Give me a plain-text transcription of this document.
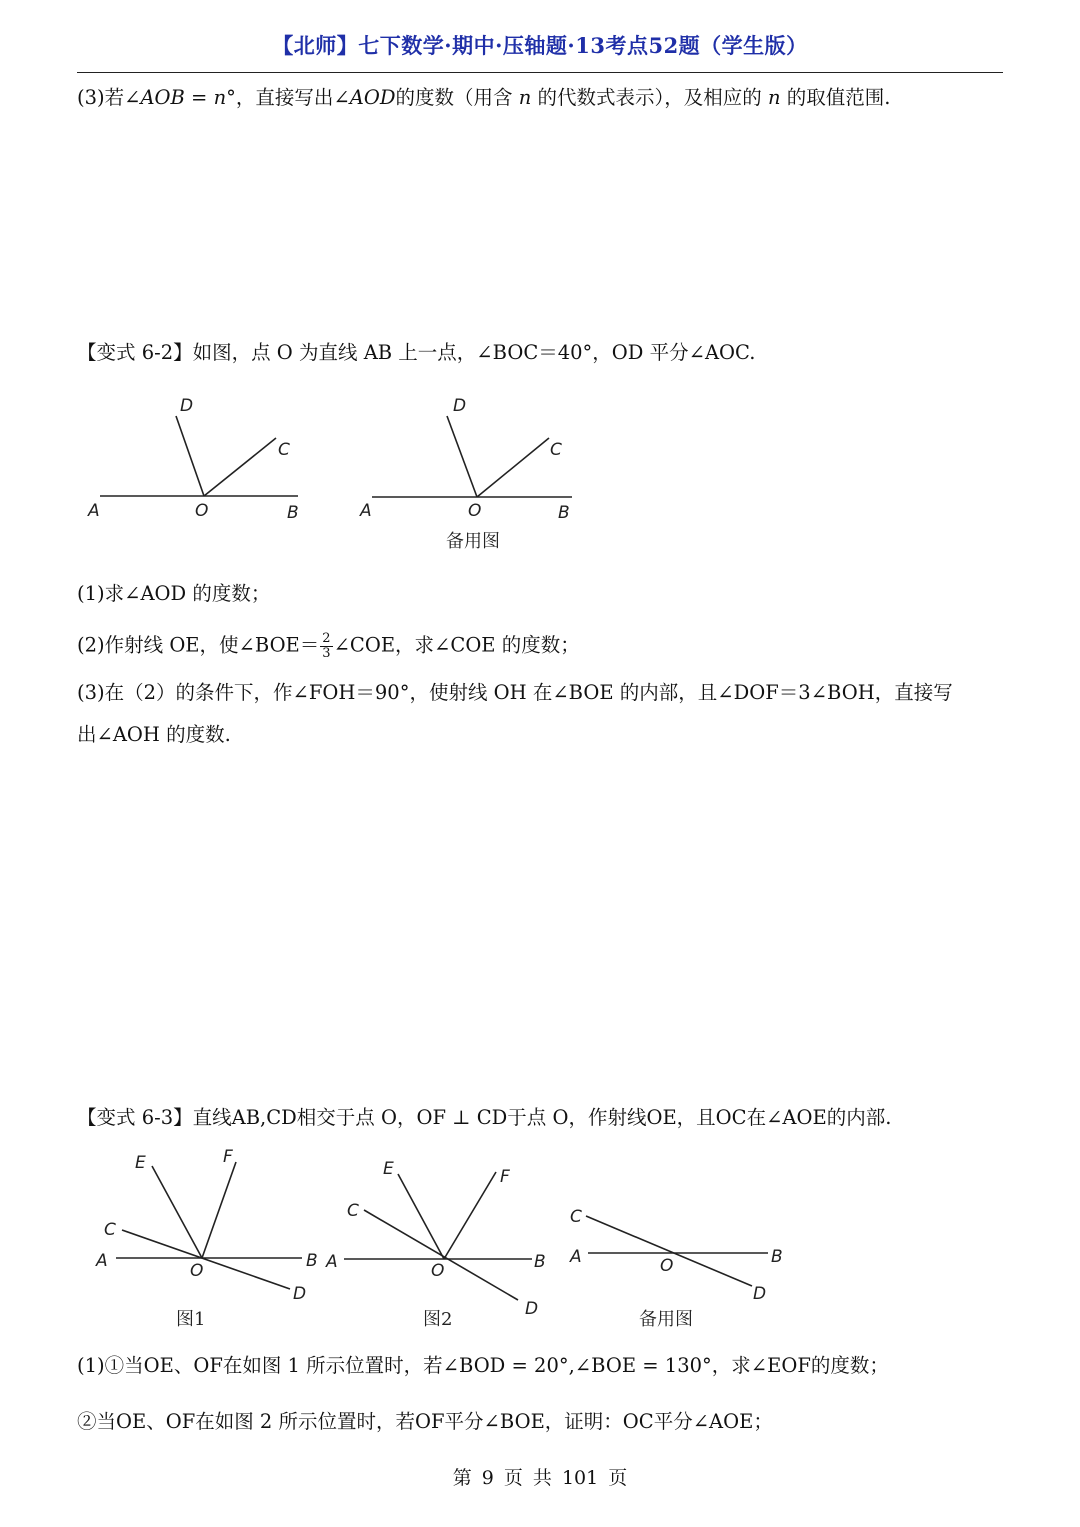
【北师】七下数学·期中·压轴题·13考点52题（学生版）
(3)若∠AOB = n°，直接写出∠AOD的度数（用含 n 的代数式表示），及相应的 n 的取值范围.
【变式 6-2】如图，点 O 为直线 AB 上一点，∠BOC＝40°，OD 平分∠AOC.
D
C
A	O	B
D
C
A	O	B
备用图
(1)求∠AOD 的度数；
(2)作射线 OE，使∠BOE＝ $\frac{2}{3}$ ∠COE，求∠COE 的度数；
(3)在（2）的条件下，作∠FOH＝90°，使射线 OH 在∠BOE 的内部，且∠DOF＝3∠BOH，直接写
出∠AOH 的度数.
【变式 6-3】直线AB,CD相交于点 O，OF ⊥ CD于点 O，作射线OE，且OC在∠AOE的内部.
E	F
C
A	O	B
D
图1
E	F
C
A	O	B
D
图2
C
A	O	B
D
备用图
(1)①当OE、OF在如图 1 所示位置时，若∠BOD = 20°,∠BOE = 130°，求∠EOF的度数；
②当OE、OF在如图 2 所示位置时，若OF平分∠BOE，证明：OC平分∠AOE；
第 9 页 共 101 页
